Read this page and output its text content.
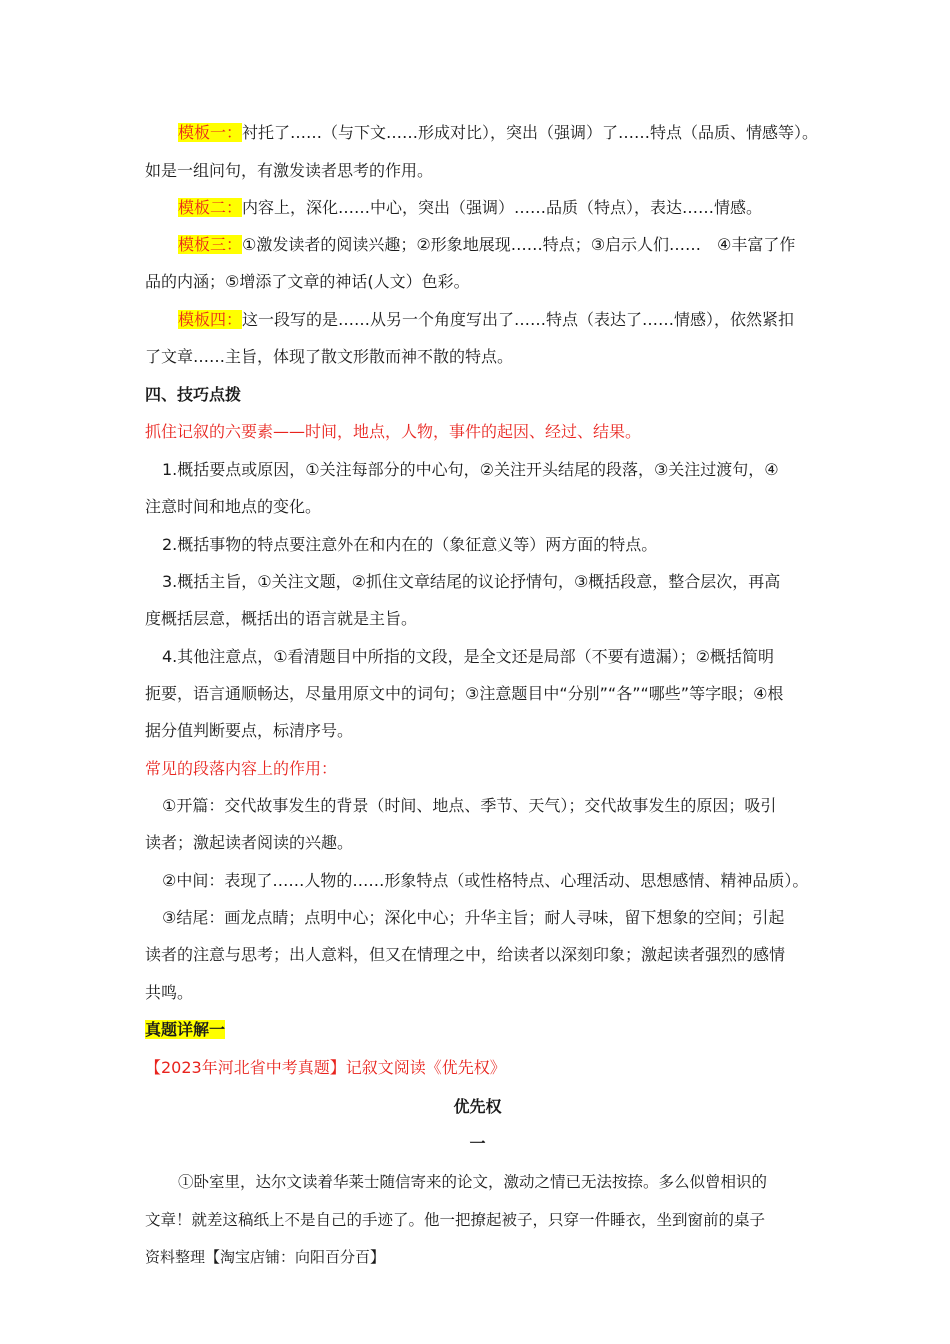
模板一：衬托了……（与下文……形成对比），突出（强调）了……特点（品质、情感等）。
如是一组问句，有激发读者思考的作用。
模板二：内容上，深化……中心，突出（强调）……品质（特点），表达……情感。
模板三：①激发读者的阅读兴趣；②形象地展现……特点；③启示人们……　④丰富了作
品的内涵；⑤增添了文章的神话(人文）色彩。
模板四：这一段写的是……从另一个角度写出了……特点（表达了……情感），依然紧扣
了文章……主旨，体现了散文形散而神不散的特点。
四、技巧点拨
抓住记叙的六要素——时间，地点，人物，事件的起因、经过、结果。
1.概括要点或原因，①关注每部分的中心句，②关注开头结尾的段落，③关注过渡句，④
注意时间和地点的变化。
2.概括事物的特点要注意外在和内在的（象征意义等）两方面的特点。
3.概括主旨，①关注文题，②抓住文章结尾的议论抒情句，③概括段意，整合层次，再高
度概括层意，概括出的语言就是主旨。
4.其他注意点，①看清题目中所指的文段，是全文还是局部（不要有遗漏）；②概括简明
扼要，语言通顺畅达，尽量用原文中的词句；③注意题目中“分别”“各”“哪些”等字眼；④根
据分值判断要点，标清序号。
常见的段落内容上的作用：
①开篇：交代故事发生的背景（时间、地点、季节、天气）；交代故事发生的原因；吸引
读者；激起读者阅读的兴趣。
②中间：表现了……人物的……形象特点（或性格特点、心理活动、思想感情、精神品质）。
③结尾：画龙点睛；点明中心；深化中心；升华主旨；耐人寻味，留下想象的空间；引起
读者的注意与思考；出人意料，但又在情理之中，给读者以深刻印象；激起读者强烈的感情
共鸣。
真题详解一
【2023年河北省中考真题】记叙文阅读《优先权》
优先权
一
①卧室里，达尔文读着华莱士随信寄来的论文，激动之情已无法按捺。多么似曾相识的
文章！就差这稿纸上不是自己的手迹了。他一把撩起被子，只穿一件睡衣，坐到窗前的桌子
资料整理【淘宝店铺：向阳百分百】
